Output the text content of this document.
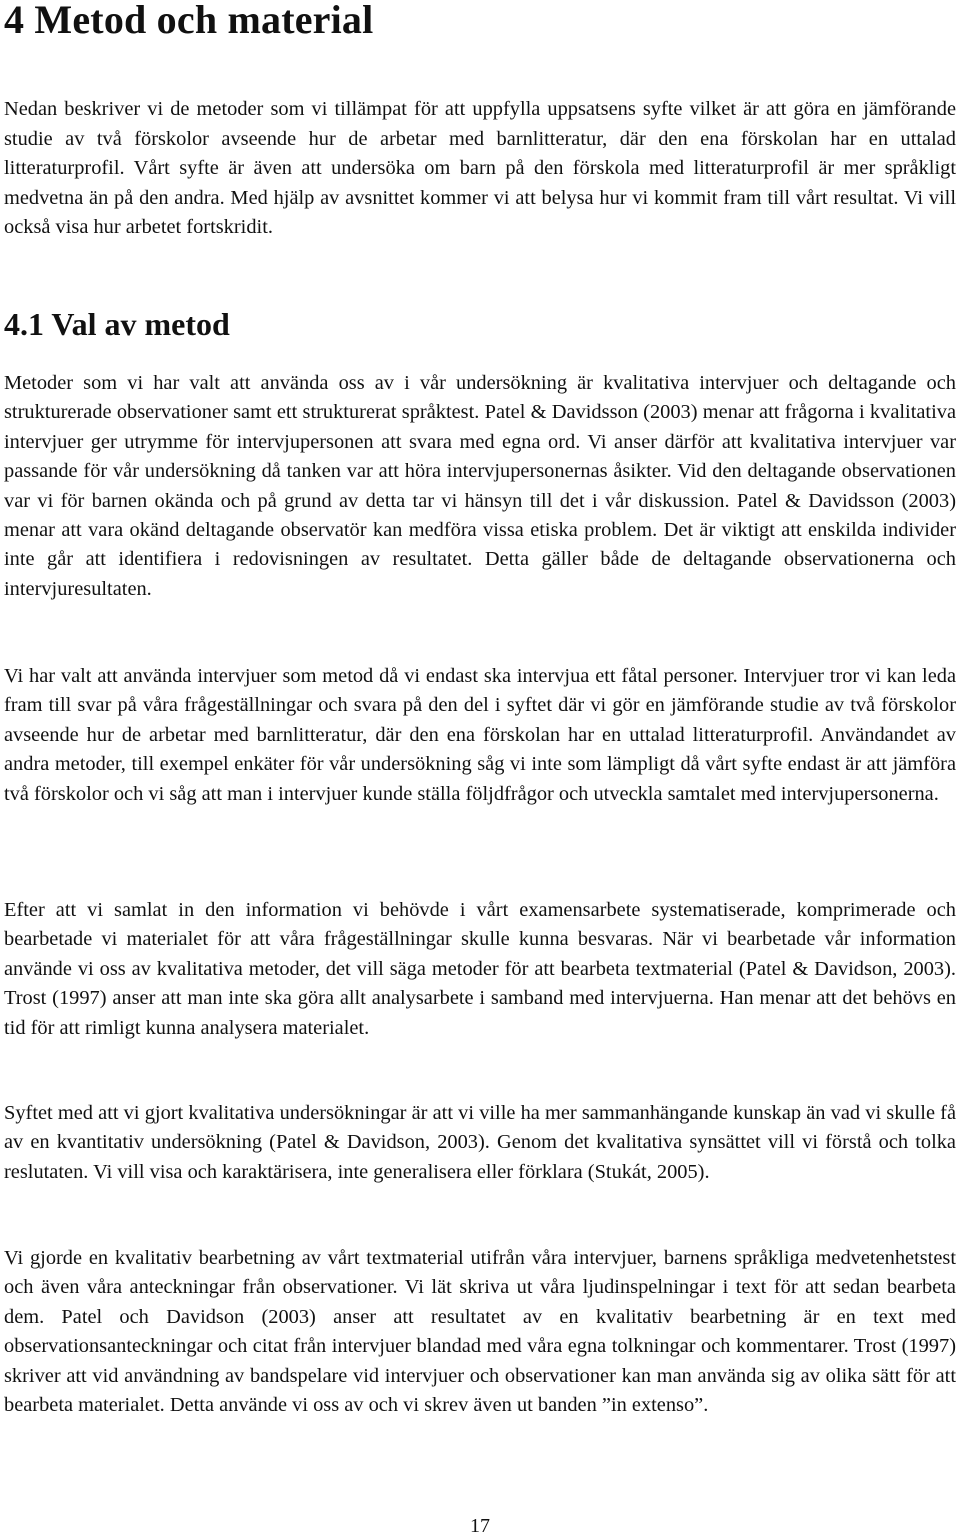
4 Metod och material

Nedan beskriver vi de metoder som vi tillämpat för att uppfylla uppsatsens syfte vilket är att göra en jämförande studie av två förskolor avseende hur de arbetar med barnlitteratur, där den ena förskolan har en uttalad litteraturprofil. Vårt syfte är även att undersöka om barn på den förskola med litteraturprofil är mer språkligt medvetna än på den andra. Med hjälp av avsnittet kommer vi att belysa hur vi kommit fram till vårt resultat. Vi vill också visa hur arbetet fortskridit.

4.1 Val av metod

Metoder som vi har valt att använda oss av i vår undersökning är kvalitativa intervjuer och deltagande och strukturerade observationer samt ett strukturerat språktest. Patel & Davidsson (2003) menar att frågorna i kvalitativa intervjuer ger utrymme för intervjupersonen att svara med egna ord. Vi anser därför att kvalitativa intervjuer var passande för vår undersökning då tanken var att höra intervjupersonernas åsikter. Vid den deltagande observationen var vi för barnen okända och på grund av detta tar vi hänsyn till det i vår diskussion. Patel & Davidsson (2003) menar att vara okänd deltagande observatör kan medföra vissa etiska problem. Det är viktigt att enskilda individer inte går att identifiera i redovisningen av resultatet. Detta gäller både de deltagande observationerna och intervjuresultaten.

Vi har valt att använda intervjuer som metod då vi endast ska intervjua ett fåtal personer. Intervjuer tror vi kan leda fram till svar på våra frågeställningar och svara på den del i syftet där vi gör en jämförande studie av två förskolor avseende hur de arbetar med barnlitteratur, där den ena förskolan har en uttalad litteraturprofil. Användandet av andra metoder, till exempel enkäter för vår undersökning såg vi inte som lämpligt då vårt syfte endast är att jämföra två förskolor och vi såg att man i intervjuer kunde ställa följdfrågor och utveckla samtalet med intervjupersonerna.

Efter att vi samlat in den information vi behövde i vårt examensarbete systematiserade, komprimerade och bearbetade vi materialet för att våra frågeställningar skulle kunna besvaras. När vi bearbetade vår information använde vi oss av kvalitativa metoder, det vill säga metoder för att bearbeta textmaterial (Patel & Davidson, 2003). Trost (1997) anser att man inte ska göra allt analysarbete i samband med intervjuerna. Han menar att det behövs en tid för att rimligt kunna analysera materialet.

Syftet med att vi gjort kvalitativa undersökningar är att vi ville ha mer sammanhängande kunskap än vad vi skulle få av en kvantitativ undersökning (Patel & Davidson, 2003). Genom det kvalitativa synsättet vill vi förstå och tolka reslutaten. Vi vill visa och karaktärisera, inte generalisera eller förklara (Stukát, 2005).

Vi gjorde en kvalitativ bearbetning av vårt textmaterial utifrån våra intervjuer, barnens språkliga medvetenhetstest och även våra anteckningar från observationer. Vi lät skriva ut våra ljudinspelningar i text för att sedan bearbeta dem. Patel och Davidson (2003) anser att resultatet av en kvalitativ bearbetning är en text med observationsanteckningar och citat från intervjuer blandad med våra egna tolkningar och kommentarer. Trost (1997) skriver att vid användning av bandspelare vid intervjuer och observationer kan man använda sig av olika sätt för att bearbeta materialet. Detta använde vi oss av och vi skrev även ut banden ”in extenso”.

17
